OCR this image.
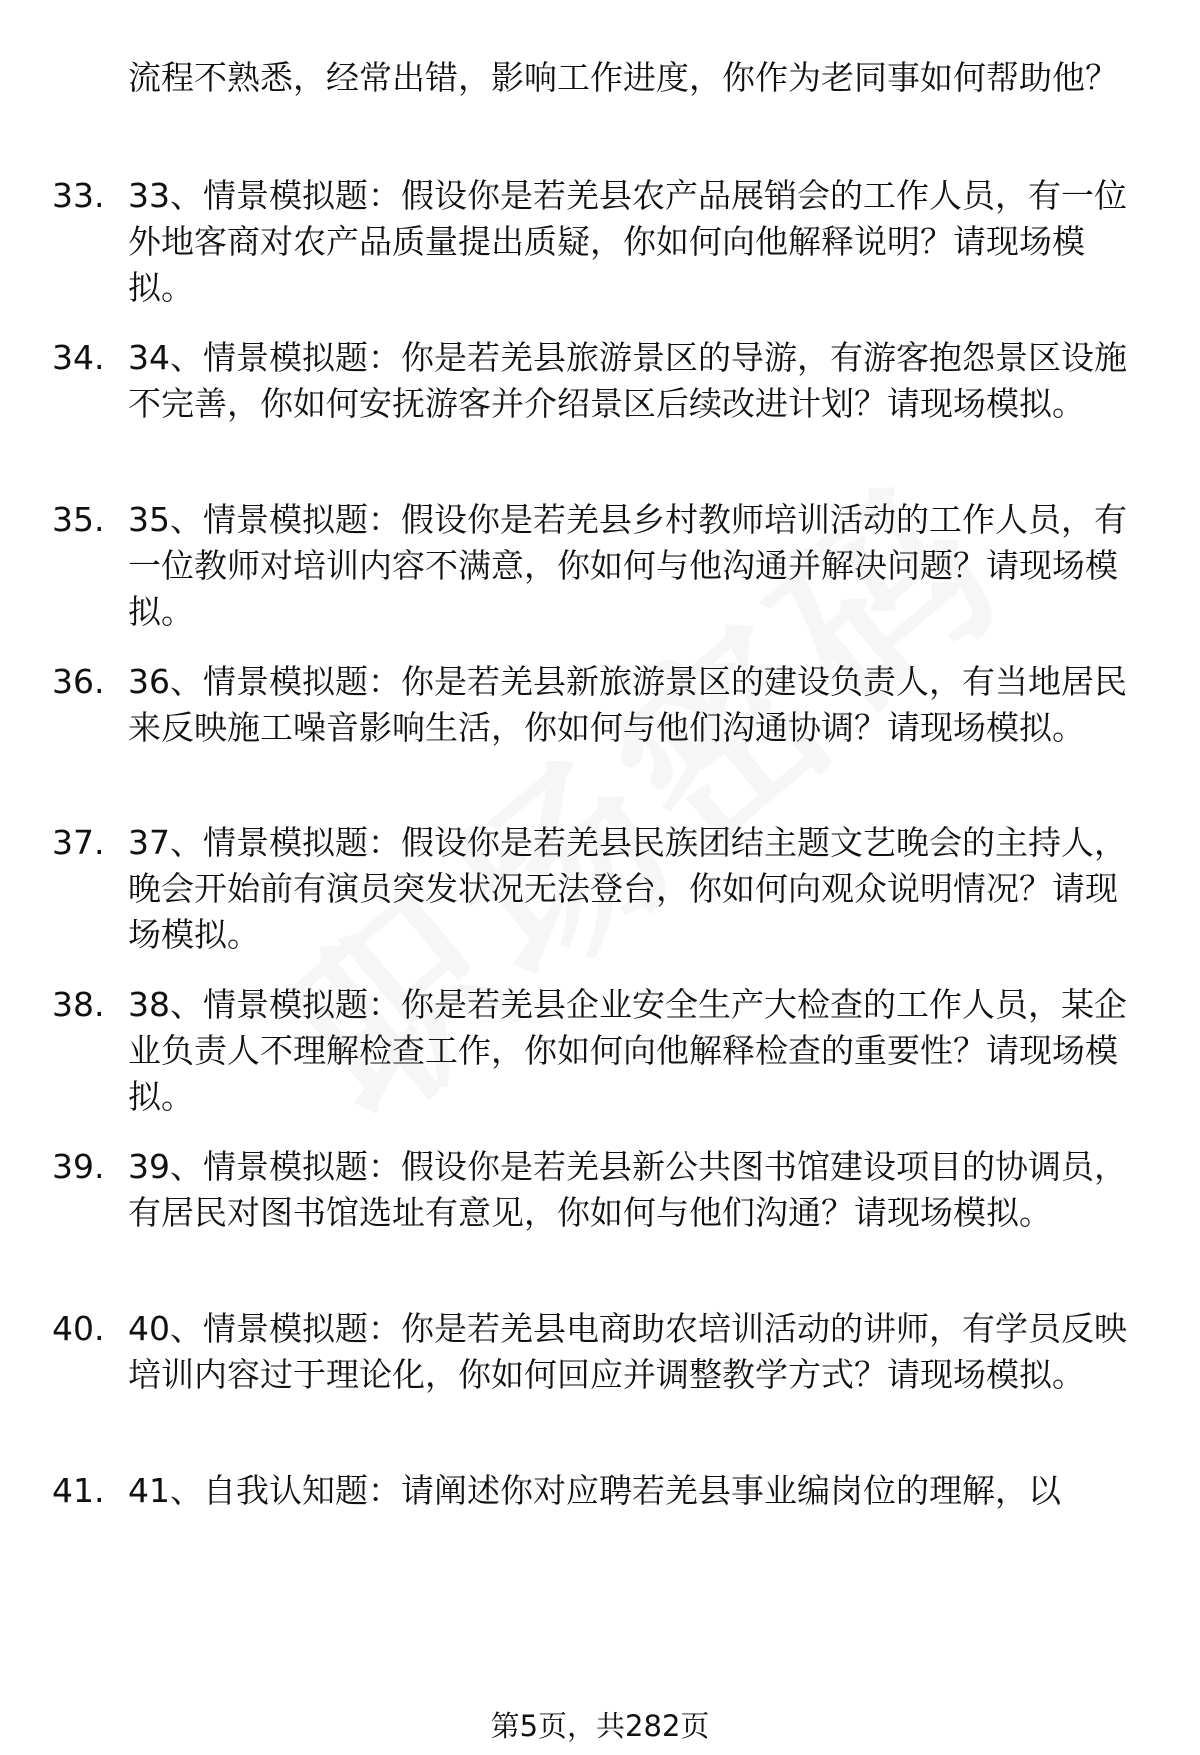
流程不熟悉，经常出错，影响工作进度，你作为老同事如何帮助他？
33. 33、情景模拟题：假设你是若羌县农产品展销会的工作人员，有一位外地客商对农产品质量提出质疑，你如何向他解释说明？请现场模拟。
34. 34、情景模拟题：你是若羌县旅游景区的导游，有游客抱怨景区设施不完善，你如何安抚游客并介绍景区后续改进计划？请现场模拟。
35. 35、情景模拟题：假设你是若羌县乡村教师培训活动的工作人员，有一位教师对培训内容不满意，你如何与他沟通并解决问题？请现场模拟。
36. 36、情景模拟题：你是若羌县新旅游景区的建设负责人，有当地居民来反映施工噪音影响生活，你如何与他们沟通协调？请现场模拟。
37. 37、情景模拟题：假设你是若羌县民族团结主题文艺晚会的主持人，晚会开始前有演员突发状况无法登台，你如何向观众说明情况？请现场模拟。
38. 38、情景模拟题：你是若羌县企业安全生产大检查的工作人员，某企业负责人不理解检查工作，你如何向他解释检查的重要性？请现场模拟。
39. 39、情景模拟题：假设你是若羌县新公共图书馆建设项目的协调员，有居民对图书馆选址有意见，你如何与他们沟通？请现场模拟。
40. 40、情景模拟题：你是若羌县电商助农培训活动的讲师，有学员反映培训内容过于理论化，你如何回应并调整教学方式？请现场模拟。
41. 41、自我认知题：请阐述你对应聘若羌县事业编岗位的理解，以
第5页，共282页
